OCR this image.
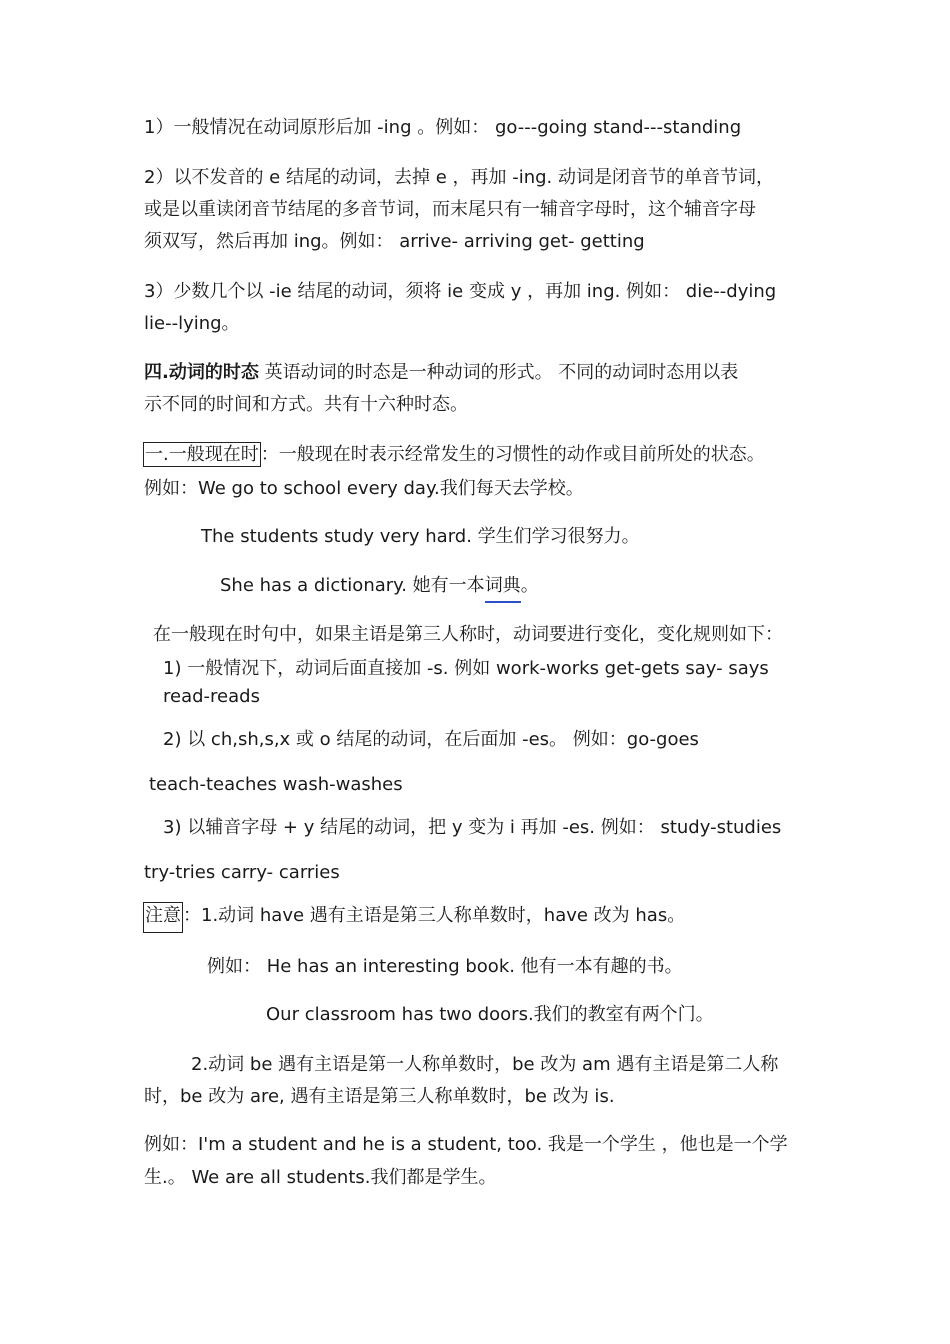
1）一般情况在动词原形后加 -ing 。例如： go---going stand---standing
2）以不发音的 e 结尾的动词，去掉 e ，再加 -ing. 动词是闭音节的单音节词，
或是以重读闭音节结尾的多音节词，而末尾只有一辅音字母时，这个辅音字母
须双写，然后再加 ing。例如： arrive- arriving get- getting
3）少数几个以 -ie 结尾的动词，须将 ie 变成 y ，再加 ing. 例如： die--dying
lie--lying。
四.动词的时态 英语动词的时态是一种动词的形式。 不同的动词时态用以表
示不同的时间和方式。共有十六种时态。
一.一般现在时 ：一般现在时表示经常发生的习惯性的动作或目前所处的状态。
例如：We go to school every day.我们每天去学校。
The students study very hard. 学生们学习很努力。
She has a dictionary. 她有一本词典。
在一般现在时句中，如果主语是第三人称时，动词要进行变化，变化规则如下：
1) 一般情况下，动词后面直接加 -s. 例如 work-works get-gets say- says
read-reads
2) 以 ch,sh,s,x 或 o 结尾的动词，在后面加 -es。 例如：go-goes
teach-teaches wash-washes
3) 以辅音字母 + y 结尾的动词，把 y 变为 i 再加 -es. 例如： study-studies
try-tries carry- carries
注意 ：1.动词 have 遇有主语是第三人称单数时，have 改为 has。
例如： He has an interesting book. 他有一本有趣的书。
Our classroom has two doors.我们的教室有两个门。
2.动词 be 遇有主语是第一人称单数时，be 改为 am 遇有主语是第二人称
时，be 改为 are, 遇有主语是第三人称单数时，be 改为 is.
例如：I'm a student and he is a student, too. 我是一个学生 ，他也是一个学
生.。 We are all students.我们都是学生。
